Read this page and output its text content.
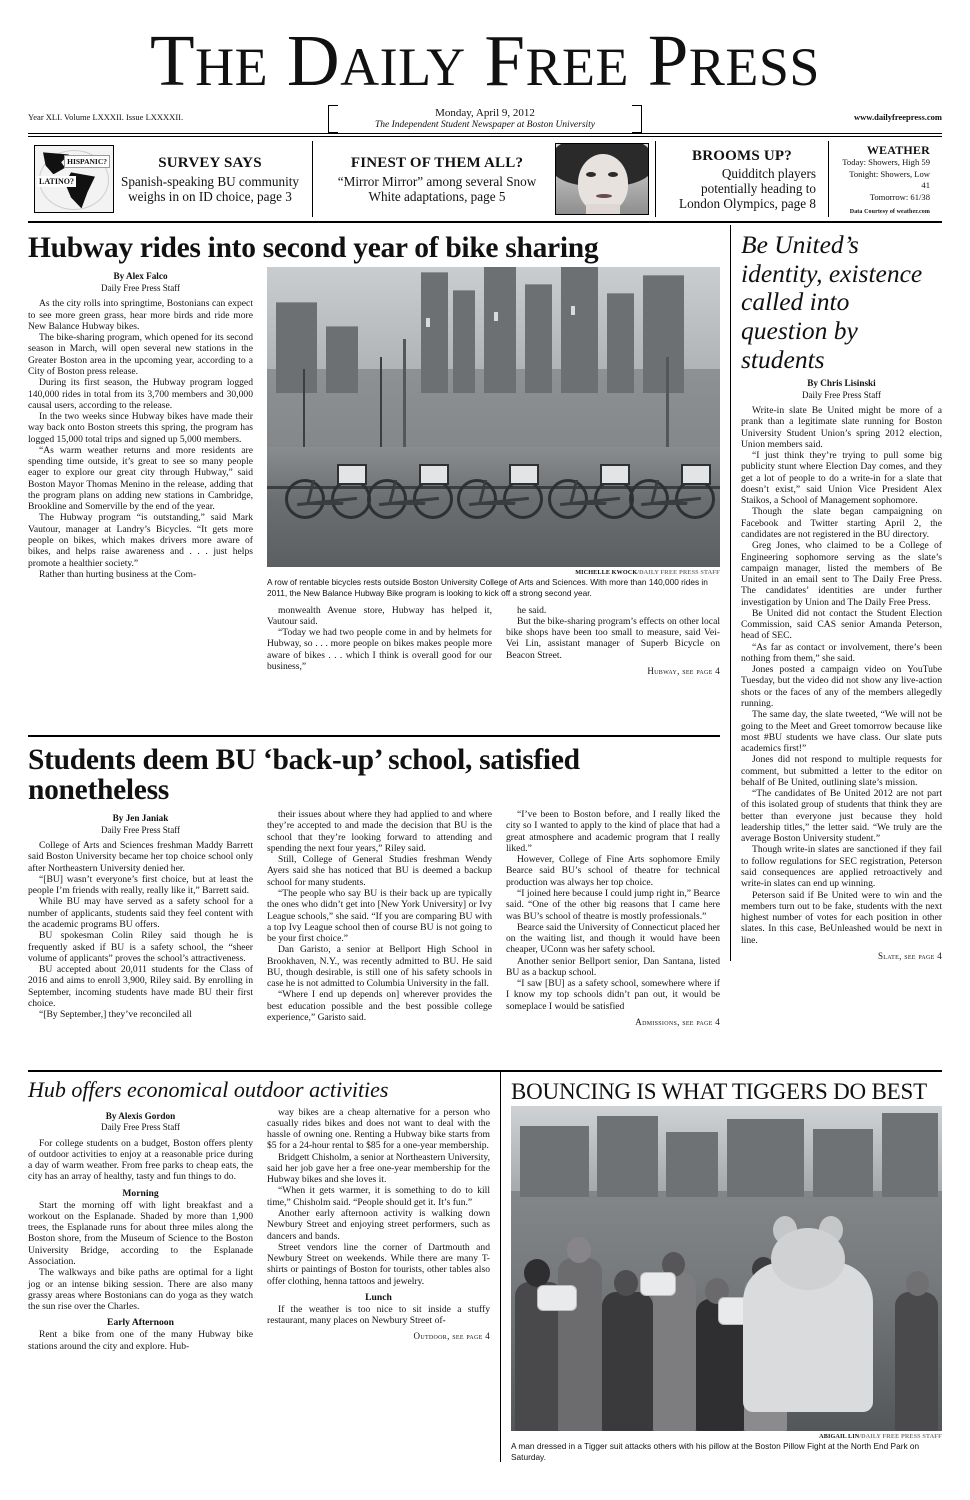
THE DAILY FREE PRESS
Year XLI. Volume LXXXII. Issue LXXXXII.	Monday, April 9, 2012
The Independent Student Newspaper at Boston University
www.dailyfreepress.com
HISPANIC?
LATINO?
SURVEY SAYS
Spanish-speaking BU community weighs in on ID choice, page 3
FINEST OF THEM ALL?
“Mirror Mirror” among several Snow White adaptations, page 5
BROOMS UP?
Quidditch players potentially heading to London Olympics, page 8
WEATHER
Today: Showers, High 59
Tonight: Showers, Low 41
Tomorrow: 61/38
Data Courtesy of weather.com
Hubway rides into second year of bike sharing
By Alex Falco
Daily Free Press Staff

As the city rolls into springtime, Bostonians can expect to see more green grass, hear more birds and ride more New Balance Hubway bikes.

The bike-sharing program, which opened for its second season in March, will open several new stations in the Greater Boston area in the upcoming year, according to a City of Boston press release.

During its first season, the Hubway program logged 140,000 rides in total from its 3,700 members and 30,000 causal users, according to the release.

In the two weeks since Hubway bikes have made their way back onto Boston streets this spring, the program has logged 15,000 total trips and signed up 5,000 members.

“As warm weather returns and more residents are spending time outside, it’s great to see so many people eager to explore our great city through Hubway,” said Boston Mayor Thomas Menino in the release, adding that the program plans on adding new stations in Cambridge, Brookline and Somerville by the end of the year.

The Hubway program “is outstanding,” said Mark Vautour, manager at Landry’s Bicycles. “It gets more people on bikes, which makes drivers more aware of bikes, and helps raise awareness and . . . just helps promote a healthier society.”

Rather than hurting business at the Com-	MICHELLE KWOCK/DAILY FREE PRESS STAFF
A row of rentable bicycles rests outside Boston University College of Arts and Sciences. With more than 140,000 rides in 2011, the New Balance Hubway Bike program is looking to kick off a strong second year.

monwealth Avenue store, Hubway has helped it, Vautour said.

“Today we had two people come in and by helmets for Hubway, so . . . more people on bikes makes people more aware of bikes . . . which I think is overall good for our business,”

he said.

But the bike-sharing program’s effects on other local bike shops have been too small to measure, said Vei-Vei Lin, assistant manager of Superb Bicycle on Beacon Street.

Hubway, see page 4
Be United’s identity, existence called into question by students
By Chris Lisinski
Daily Free Press Staff

Write-in slate Be United might be more of a prank than a legitimate slate running for Boston University Student Union’s spring 2012 election, Union members said.

“I just think they’re trying to pull some big publicity stunt where Election Day comes, and they get a lot of people to do a write-in for a slate that doesn’t exist,” said Union Vice President Alex Staikos, a School of Management sophomore.

Though the slate began campaigning on Facebook and Twitter starting April 2, the candidates are not registered in the BU directory.

Greg Jones, who claimed to be a College of Engineering sophomore serving as the slate’s campaign manager, listed the members of Be United in an email sent to The Daily Free Press. The candidates’ identities are under further investigation by Union and The Daily Free Press.

Be United did not contact the Student Election Commission, said CAS senior Amanda Peterson, head of SEC.

“As far as contact or involvement, there’s been nothing from them,” she said.

Jones posted a campaign video on YouTube Tuesday, but the video did not show any live-action shots or the faces of any of the members allegedly running.

The same day, the slate tweeted, “We will not be going to the Meet and Greet tomorrow because like most #BU students we have class. Our slate puts academics first!”

Jones did not respond to multiple requests for comment, but submitted a letter to the editor on behalf of Be United, outlining slate’s mission.

“The candidates of Be United 2012 are not part of this isolated group of students that think they are better than everyone just because they hold leadership titles,” the letter said. “We truly are the average Boston University student.”

Though write-in slates are sanctioned if they fail to follow regulations for SEC registration, Peterson said consequences are applied retroactively and write-in slates can end up winning.

Peterson said if Be United were to win and the members turn out to be fake, students with the next highest number of votes for each position in other slates. In this case, BeUnleashed would be next in line.

Slate, see page 4
Students deem BU ‘back-up’ school, satisfied nonetheless
By Jen Janiak
Daily Free Press Staff

College of Arts and Sciences freshman Maddy Barrett said Boston University became her top choice school only after Northeastern University denied her.

“[BU] wasn’t everyone’s first choice, but at least the people I’m friends with really, really like it,” Barrett said.

While BU may have served as a safety school for a number of applicants, students said they feel content with the academic programs BU offers.

BU spokesman Colin Riley said though he is frequently asked if BU is a safety school, the “sheer volume of applicants” proves the school’s attractiveness.

BU accepted about 20,011 students for the Class of 2016 and aims to enroll 3,900, Riley said. By enrolling in September, incoming students have made BU their first choice.

“[By September,] they’ve reconciled all

their issues about where they had applied to and where they’re accepted to and made the decision that BU is the school that they’re looking forward to attending and spending the next four years,” Riley said.

Still, College of General Studies freshman Wendy Ayers said she has noticed that BU is deemed a backup school for many students.

“The people who say BU is their back up are typically the ones who didn’t get into [New York University] or Ivy League schools,” she said. “If you are comparing BU with a top Ivy League school then of course BU is not going to be your first choice.”

Dan Garisto, a senior at Bellport High School in Brookhaven, N.Y., was recently admitted to BU. He said BU, though desirable, is still one of his safety schools in case he is not admitted to Columbia University in the fall.

“Where I end up depends on] wherever provides the best education possible and the best possible college experience,” Garisto said.

“I’ve been to Boston before, and I really liked the city so I wanted to apply to the kind of place that had a great atmosphere and academic program that I really liked.”

However, College of Fine Arts sophomore Emily Bearce said BU’s school of theatre for technical production was always her top choice.

“I joined here because I could jump right in,” Bearce said. “One of the other big reasons that I came here was BU’s school of theatre is mostly professionals.”

Bearce said the University of Connecticut placed her on the waiting list, and though it would have been cheaper, UConn was her safety school.

Another senior Bellport senior, Dan Santana, listed BU as a backup school.

“I saw [BU] as a safety school, somewhere where if I know my top schools didn’t pan out, it would be someplace I would be satisfied

Admissions, see page 4
Hub offers economical outdoor activities
By Alexis Gordon
Daily Free Press Staff

For college students on a budget, Boston offers plenty of outdoor activities to enjoy at a reasonable price during a day of warm weather. From free parks to cheap eats, the city has an array of healthy, tasty and fun things to do.

Morning

Start the morning off with light breakfast and a workout on the Esplanade. Shaded by more than 1,900 trees, the Esplanade runs for about three miles along the Boston shore, from the Museum of Science to the Boston University Bridge, according to the Esplanade Association.

The walkways and bike paths are optimal for a light jog or an intense biking session. There are also many grassy areas where Bostonians can do yoga as they watch the sun rise over the Charles.

Early Afternoon

Rent a bike from one of the many Hubway bike stations around the city and explore. Hub-

way bikes are a cheap alternative for a person who casually rides bikes and does not want to deal with the hassle of owning one. Renting a Hubway bike starts from $5 for a 24-hour rental to $85 for a one-year membership.

Bridgett Chisholm, a senior at Northeastern University, said her job gave her a free one-year membership for the Hubway bikes and she loves it.

“When it gets warmer, it is something to do to kill time,” Chisholm said. “People should get it. It’s fun.”

Another early afternoon activity is walking down Newbury Street and enjoying street performers, such as dancers and bands.

Street vendors line the corner of Dartmouth and Newbury Street on weekends. While there are many T-shirts or paintings of Boston for tourists, other tables also offer clothing, henna tattoos and jewelry.

Lunch

If the weather is too nice to sit inside a stuffy restaurant, many places on Newbury Street of-

Outdoor, see page 4
BOUNCING IS WHAT TIGGERS DO BEST
ABIGAIL LIN/DAILY FREE PRESS STAFF
A man dressed in a Tigger suit attacks others with his pillow at the Boston Pillow Fight at the North End Park on Saturday.
